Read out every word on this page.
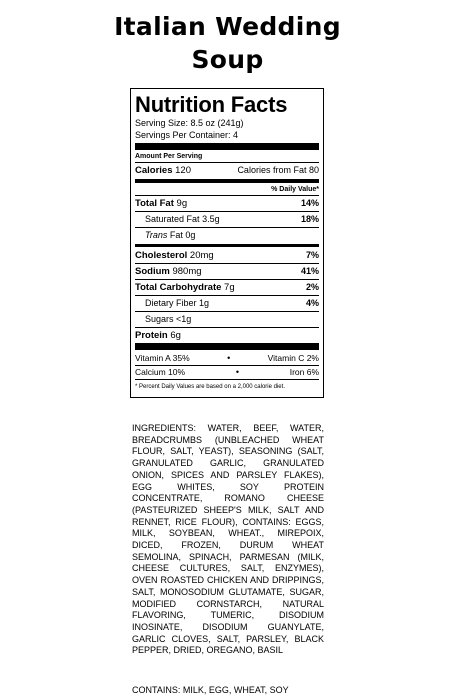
Italian Wedding
Soup
Nutrition Facts
Serving Size: 8.5 oz (241g)
Servings Per Container: 4
Amount Per Serving
Calories 120	Calories from Fat 80
% Daily Value*
Total Fat 9g	14%
Saturated Fat 3.5g	18%
Trans Fat 0g
Cholesterol 20mg	7%
Sodium 980mg	41%
Total Carbohydrate 7g	2%
Dietary Fiber 1g	4%
Sugars <1g
Protein 6g
Vitamin A 35%	•	Vitamin C 2%
Calcium 10%	•	Iron 6%
* Percent Daily Values are based on a 2,000 calorie diet.
INGREDIENTS: WATER, BEEF, WATER, BREADCRUMBS (UNBLEACHED WHEAT FLOUR, SALT, YEAST), SEASONING (SALT, GRANULATED GARLIC, GRANULATED ONION, SPICES AND PARSLEY FLAKES), EGG WHITES, SOY PROTEIN CONCENTRATE, ROMANO CHEESE (PASTEURIZED SHEEP'S MILK, SALT AND RENNET, RICE FLOUR), CONTAINS: EGGS, MILK, SOYBEAN, WHEAT., MIREPOIX, DICED, FROZEN, DURUM WHEAT SEMOLINA, SPINACH, PARMESAN (MILK, CHEESE CULTURES, SALT, ENZYMES), OVEN ROASTED CHICKEN AND DRIPPINGS, SALT, MONOSODIUM GLUTAMATE, SUGAR, MODIFIED CORNSTARCH, NATURAL FLAVORING, TUMERIC, DISODIUM INOSINATE, DISODIUM GUANYLATE, GARLIC CLOVES, SALT, PARSLEY, BLACK PEPPER, DRIED, OREGANO, BASIL
CONTAINS: MILK, EGG, WHEAT, SOY
